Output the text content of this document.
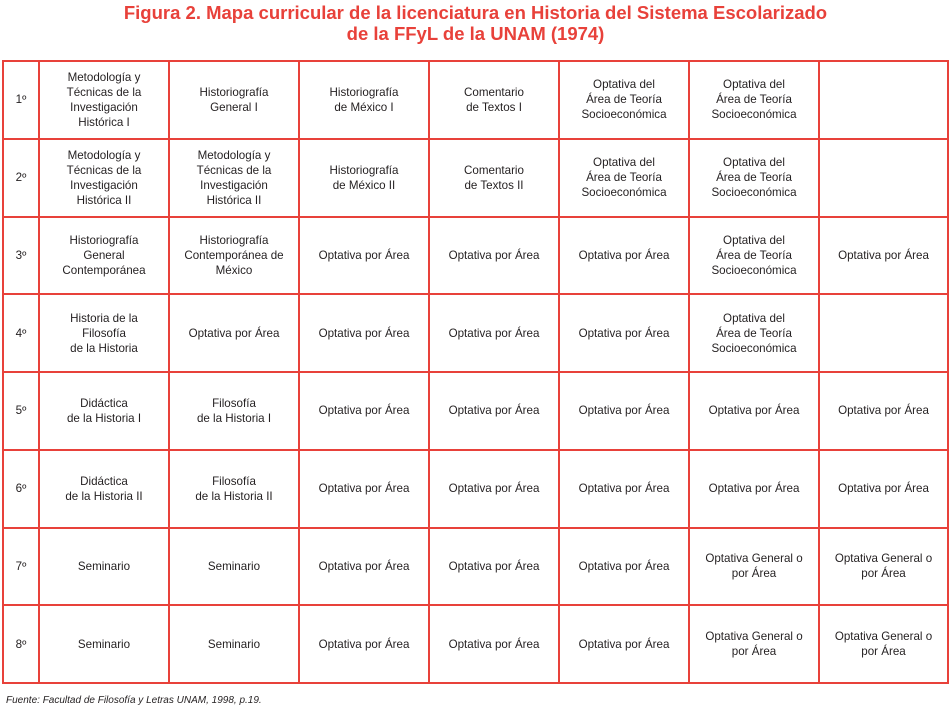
Figura 2. Mapa curricular de la licenciatura en Historia del Sistema Escolarizado
de la FFyL de la UNAM (1974)
1º	Metodología y
Técnicas de la
Investigación
Histórica I	Historiografía
General I	Historiografía
de México I	Comentario
de Textos I	Optativa del
Área de Teoría
Socioeconómica	Optativa del
Área de Teoría
Socioeconómica	
2º	Metodología y
Técnicas de la
Investigación
Histórica II	Metodología y
Técnicas de la
Investigación
Histórica II	Historiografía
de México II	Comentario
de Textos II	Optativa del
Área de Teoría
Socioeconómica	Optativa del
Área de Teoría
Socioeconómica	
3º	Historiografía
General
Contemporánea	Historiografía
Contemporánea de
México	Optativa por Área	Optativa por Área	Optativa por Área	Optativa del
Área de Teoría
Socioeconómica	Optativa por Área
4º	Historia de la
Filosofía
de la Historia	Optativa por Área	Optativa por Área	Optativa por Área	Optativa por Área	Optativa del
Área de Teoría
Socioeconómica	
5º	Didáctica
de la Historia I	Filosofía
de la Historia I	Optativa por Área	Optativa por Área	Optativa por Área	Optativa por Área	Optativa por Área
6º	Didáctica
de la Historia II	Filosofía
de la Historia II	Optativa por Área	Optativa por Área	Optativa por Área	Optativa por Área	Optativa por Área
7º	Seminario	Seminario	Optativa por Área	Optativa por Área	Optativa por Área	Optativa General o
por Área	Optativa General o
por Área
8º	Seminario	Seminario	Optativa por Área	Optativa por Área	Optativa por Área	Optativa General o
por Área	Optativa General o
por Área
Fuente: Facultad de Filosofía y Letras UNAM, 1998, p.19.
